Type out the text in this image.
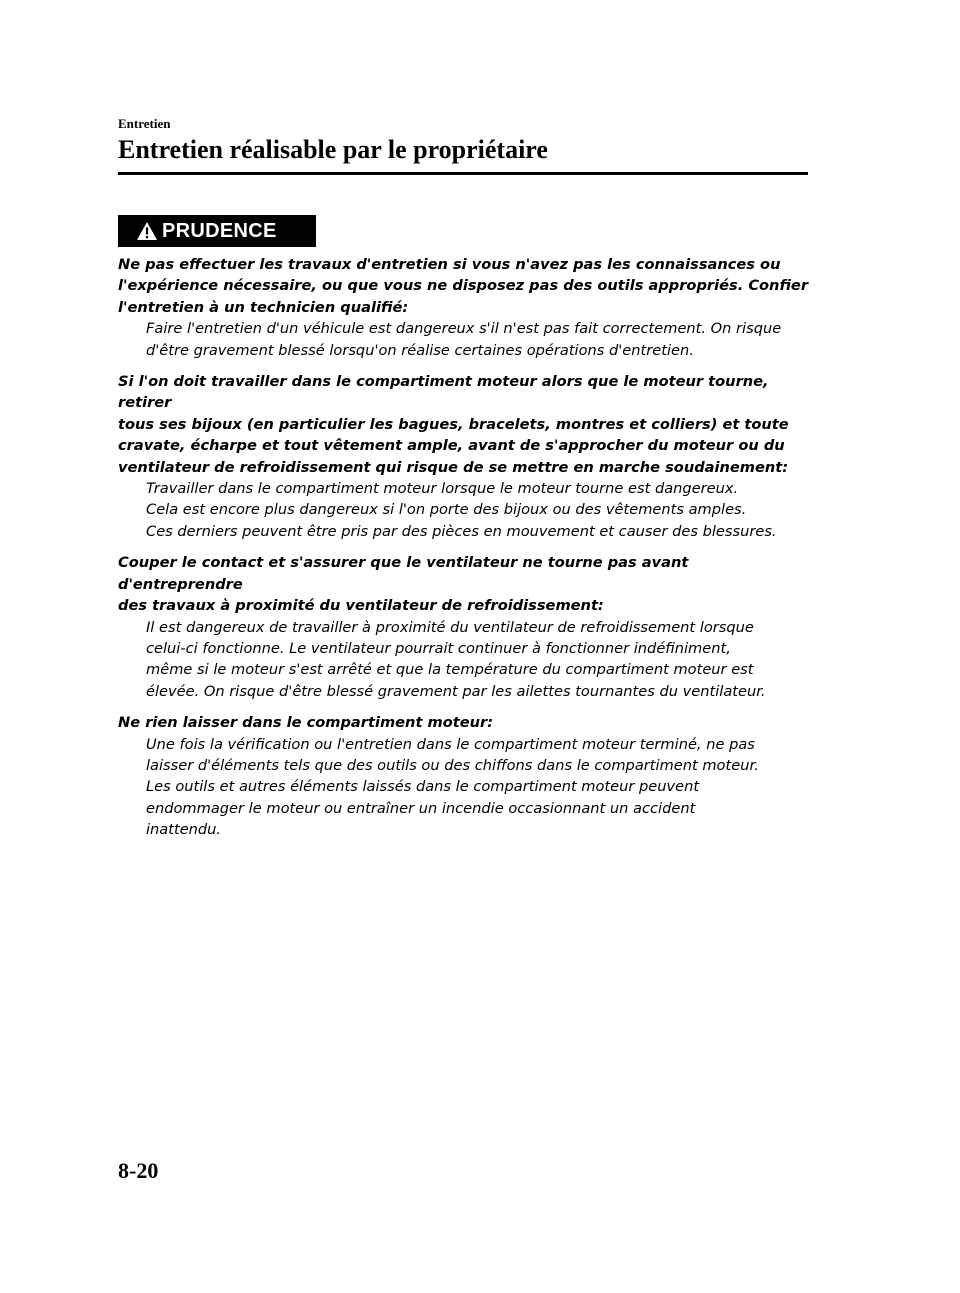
Entretien
Entretien réalisable par le propriétaire
PRUDENCE
Ne pas effectuer les travaux d'entretien si vous n'avez pas les connaissances ou
l'expérience nécessaire, ou que vous ne disposez pas des outils appropriés. Confier
l'entretien à un technicien qualifié:
Faire l'entretien d'un véhicule est dangereux s'il n'est pas fait correctement. On risque
d'être gravement blessé lorsqu'on réalise certaines opérations d'entretien.
Si l'on doit travailler dans le compartiment moteur alors que le moteur tourne, retirer
tous ses bijoux (en particulier les bagues, bracelets, montres et colliers) et toute
cravate, écharpe et tout vêtement ample, avant de s'approcher du moteur ou du
ventilateur de refroidissement qui risque de se mettre en marche soudainement:
Travailler dans le compartiment moteur lorsque le moteur tourne est dangereux.
Cela est encore plus dangereux si l'on porte des bijoux ou des vêtements amples.
Ces derniers peuvent être pris par des pièces en mouvement et causer des blessures.
Couper le contact et s'assurer que le ventilateur ne tourne pas avant d'entreprendre
des travaux à proximité du ventilateur de refroidissement:
Il est dangereux de travailler à proximité du ventilateur de refroidissement lorsque
celui-ci fonctionne. Le ventilateur pourrait continuer à fonctionner indéfiniment,
même si le moteur s'est arrêté et que la température du compartiment moteur est
élevée. On risque d'être blessé gravement par les ailettes tournantes du ventilateur.
Ne rien laisser dans le compartiment moteur:
Une fois la vérification ou l'entretien dans le compartiment moteur terminé, ne pas
laisser d'éléments tels que des outils ou des chiffons dans le compartiment moteur.
Les outils et autres éléments laissés dans le compartiment moteur peuvent
endommager le moteur ou entraîner un incendie occasionnant un accident
inattendu.
8-20
